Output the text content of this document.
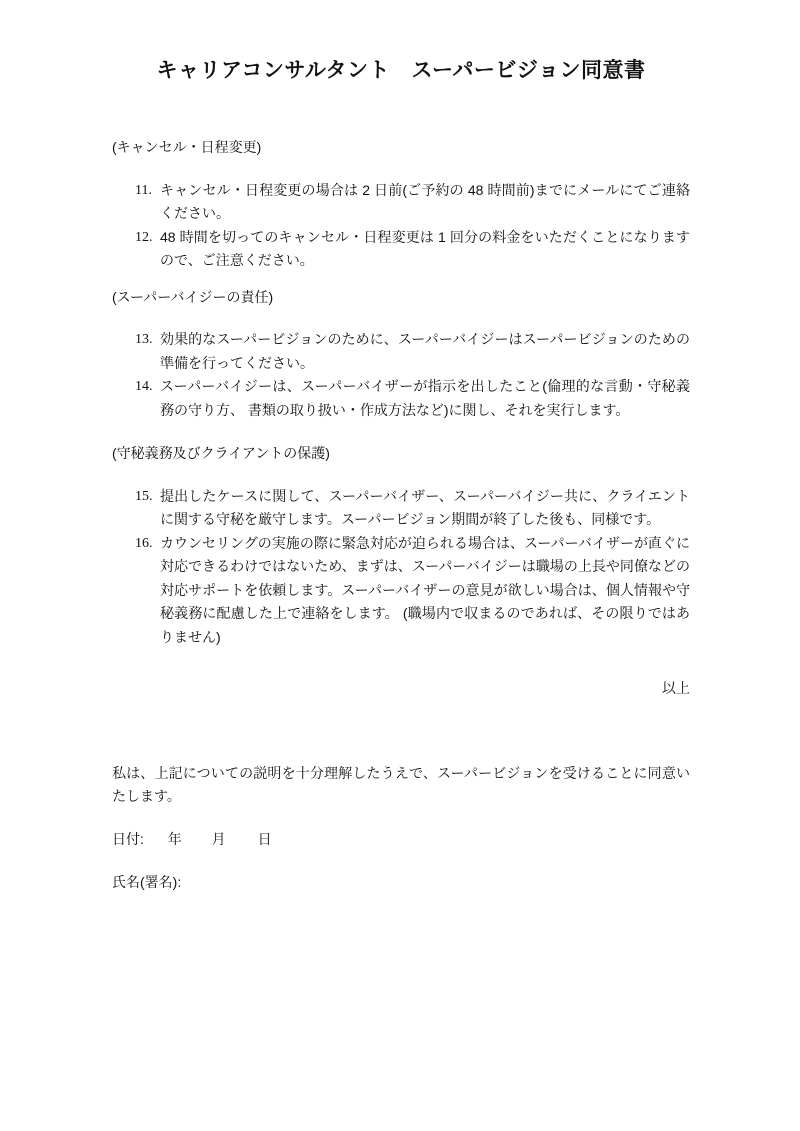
キャリアコンサルタント　スーパービジョン同意書

(キャンセル・日程変更)

11. キャンセル・日程変更の場合は 2 日前(ご予約の 48 時間前)までにメールにてご連絡ください。
12. 48 時間を切ってのキャンセル・日程変更は 1 回分の料金をいただくことになりますので、ご注意ください。

(スーパーバイジーの責任)

13. 効果的なスーパービジョンのために、スーパーバイジーはスーパービジョンのための準備を行ってください。
14. スーパーバイジーは、スーパーバイザーが指示を出したこと(倫理的な言動・守秘義務の守り方、 書類の取り扱い・作成方法など)に関し、それを実行します。

(守秘義務及びクライアントの保護)

15. 提出したケースに関して、スーパーバイザー、スーパーバイジー共に、クライエントに関する守秘を厳守します。スーパービジョン期間が終了した後も、同様です。
16. カウンセリングの実施の際に緊急対応が迫られる場合は、スーパーバイザーが直ぐに対応できるわけではないため、まずは、スーパーバイジーは職場の上長や同僚などの対応サポートを依頼します。スーパーバイザーの意見が欲しい場合は、個人情報や守秘義務に配慮した上で連絡をします。 (職場内で収まるのであれば、その限りではありません)

以上

私は、上記についての説明を十分理解したうえで、スーパービジョンを受けることに同意いたします。

日付: 年 月 日

氏名(署名):
